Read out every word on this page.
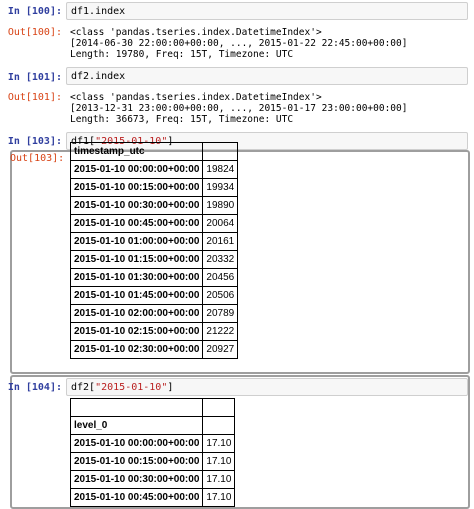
In [100]: df1.index
Out[100]: <class 'pandas.tseries.index.DatetimeIndex'>
[2014-06-30 22:00:00+00:00, ..., 2015-01-22 22:45:00+00:00]
Length: 19780, Freq: 15T, Timezone: UTC
In [101]: df2.index
Out[101]: <class 'pandas.tseries.index.DatetimeIndex'>
[2013-12-31 23:00:00+00:00, ..., 2015-01-17 23:00:00+00:00]
Length: 36673, Freq: 15T, Timezone: UTC
In [103]: df1["2015-01-10"]
Out[103]:
timestamp_utc	
2015-01-10 00:00:00+00:00	19824
2015-01-10 00:15:00+00:00	19934
2015-01-10 00:30:00+00:00	19890
2015-01-10 00:45:00+00:00	20064
2015-01-10 01:00:00+00:00	20161
2015-01-10 01:15:00+00:00	20332
2015-01-10 01:30:00+00:00	20456
2015-01-10 01:45:00+00:00	20506
2015-01-10 02:00:00+00:00	20789
2015-01-10 02:15:00+00:00	21222
2015-01-10 02:30:00+00:00	20927
In [104]: df2["2015-01-10"]

level_0	
2015-01-10 00:00:00+00:00	17.10
2015-01-10 00:15:00+00:00	17.10
2015-01-10 00:30:00+00:00	17.10
2015-01-10 00:45:00+00:00	17.10
